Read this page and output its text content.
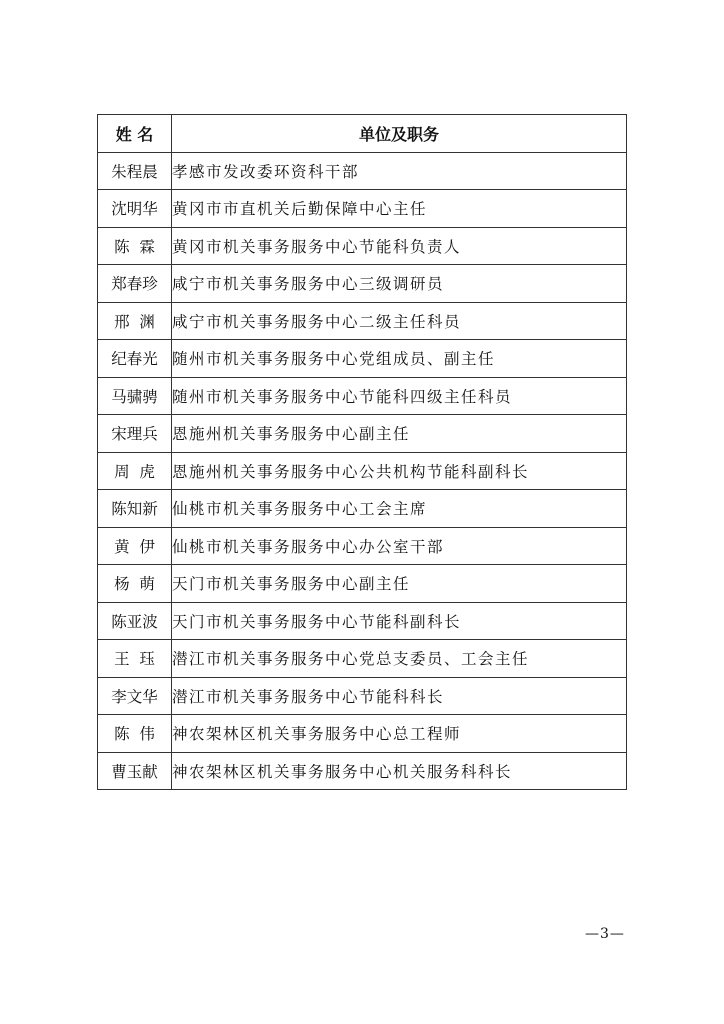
姓 名	单位及职务
朱程晨	孝感市发改委环资科干部
沈明华	黄冈市市直机关后勤保障中心主任
陈  霖	黄冈市机关事务服务中心节能科负责人
郑春珍	咸宁市机关事务服务中心三级调研员
邢  渊	咸宁市机关事务服务中心二级主任科员
纪春光	随州市机关事务服务中心党组成员、副主任
马骕骋	随州市机关事务服务中心节能科四级主任科员
宋理兵	恩施州机关事务服务中心副主任
周  虎	恩施州机关事务服务中心公共机构节能科副科长
陈知新	仙桃市机关事务服务中心工会主席
黄  伊	仙桃市机关事务服务中心办公室干部
杨  萌	天门市机关事务服务中心副主任
陈亚波	天门市机关事务服务中心节能科副科长
王  珏	潜江市机关事务服务中心党总支委员、工会主任
李文华	潜江市机关事务服务中心节能科科长
陈  伟	神农架林区机关事务服务中心总工程师
曹玉献	神农架林区机关事务服务中心机关服务科科长
—3—
